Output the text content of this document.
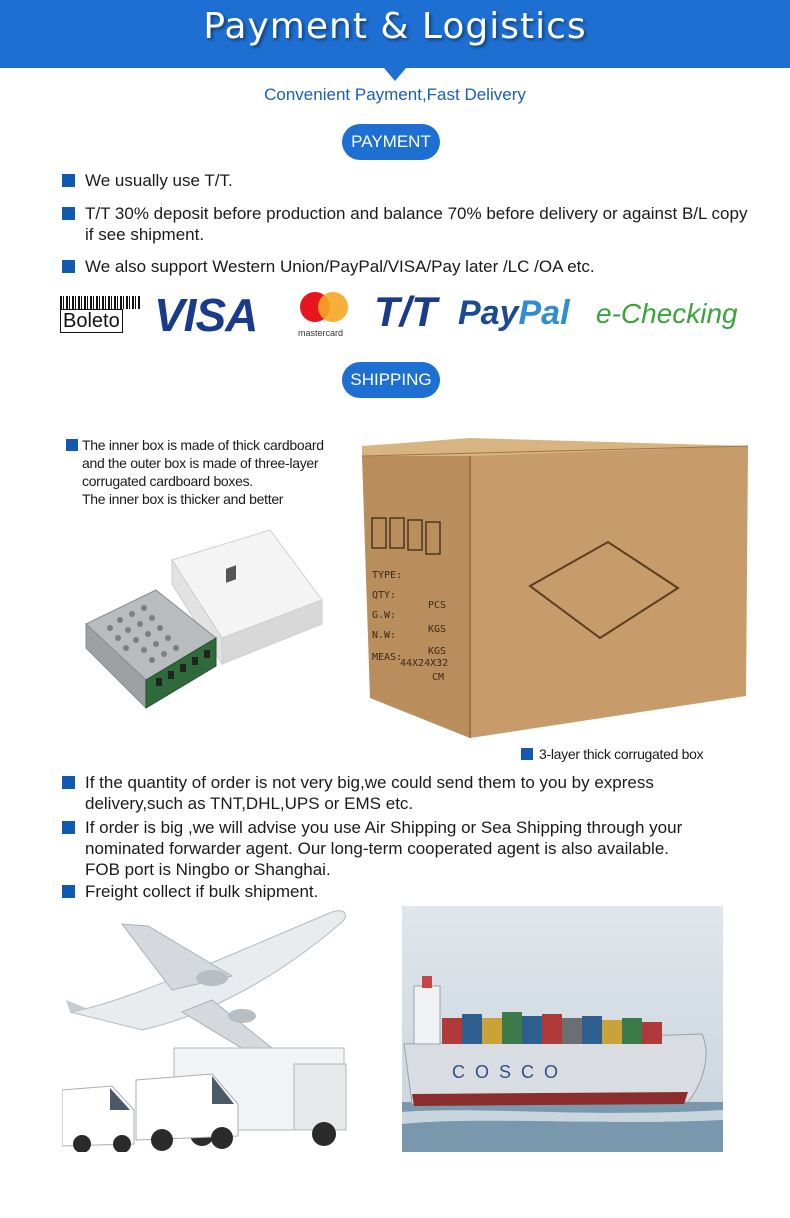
Payment & Logistics
Convenient Payment,Fast Delivery
PAYMENT
We usually use T/T.
T/T 30% deposit before production and balance 70% before delivery or against B/L copy if see shipment.
We also support Western Union/PayPal/VISA/Pay later /LC /OA etc.
Boleto VISA	mastercard T/T PayPal e-Checking
SHIPPING
The inner box is made of thick cardboard
and the outer box is made of three-layer
corrugated cardboard boxes.
The inner box is thicker and better
TYPE:
QTY:
G.W:
N.W:
MEAS:
44X24X32
PCS
KGS
KGS
CM
3-layer thick corrugated box
If the quantity of order is not very big,we could send them to you by express delivery,such as TNT,DHL,UPS or EMS etc.
If order is big ,we will advise you use Air Shipping or Sea Shipping through your nominated forwarder agent. Our long-term cooperated agent is also available. FOB port is Ningbo or Shanghai.
Freight collect if bulk shipment.
COSCO
